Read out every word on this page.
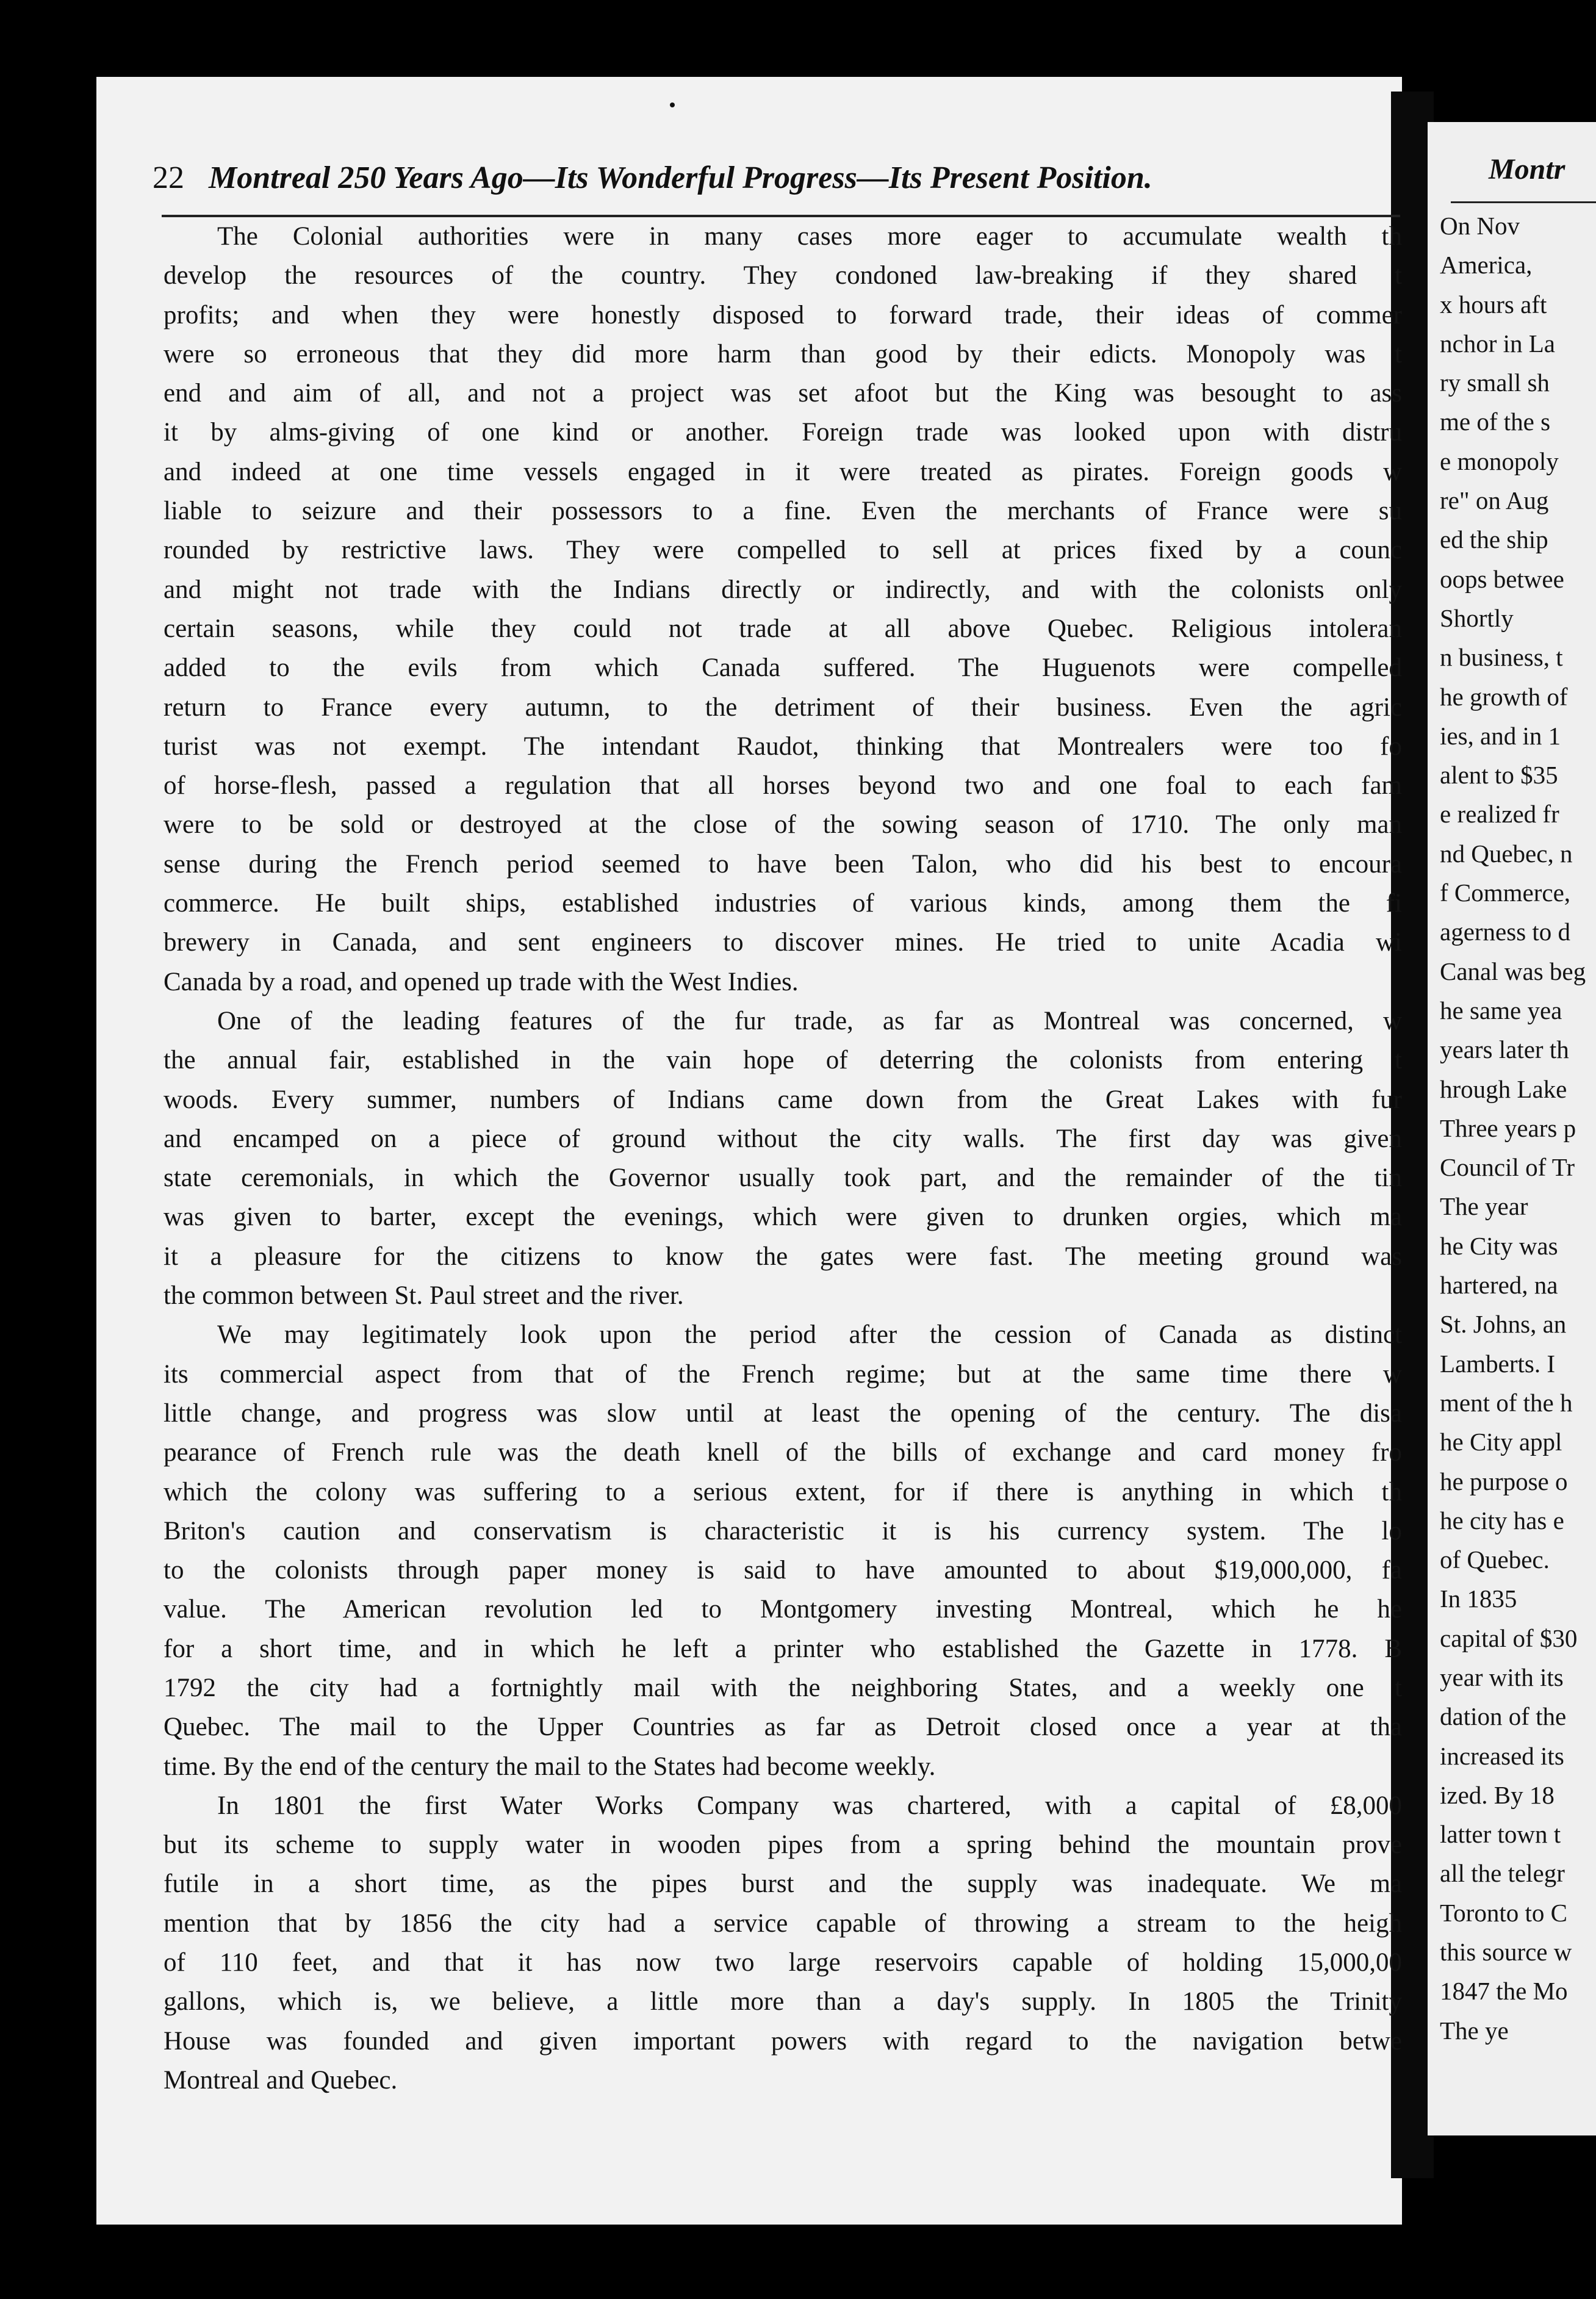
22 Montreal 250 Years Ago—Its Wonderful Progress—Its Present Position.

The Colonial authorities were in many cases more eager to accumulate wealth th
develop the resources of the country. They condoned law-breaking if they shared t
profits; and when they were honestly disposed to forward trade, their ideas of commer
were so erroneous that they did more harm than good by their edicts. Monopoly was t
end and aim of all, and not a project was set afoot but the King was besought to ass
it by alms-giving of one kind or another. Foreign trade was looked upon with distru
and indeed at one time vessels engaged in it were treated as pirates. Foreign goods w
liable to seizure and their possessors to a fine. Even the merchants of France were su
rounded by restrictive laws. They were compelled to sell at prices fixed by a counc
and might not trade with the Indians directly or indirectly, and with the colonists only
certain seasons, while they could not trade at all above Quebec. Religious intoleran
added to the evils from which Canada suffered. The Huguenots were compelled
return to France every autumn, to the detriment of their business. Even the agric
turist was not exempt. The intendant Raudot, thinking that Montrealers were too fo
of horse-flesh, passed a regulation that all horses beyond two and one foal to each fam
were to be sold or destroyed at the close of the sowing season of 1710. The only man
sense during the French period seemed to have been Talon, who did his best to encoura
commerce. He built ships, established industries of various kinds, among them the fi
brewery in Canada, and sent engineers to discover mines. He tried to unite Acadia wi
Canada by a road, and opened up trade with the West Indies.

One of the leading features of the fur trade, as far as Montreal was concerned, w
the annual fair, established in the vain hope of deterring the colonists from entering t
woods. Every summer, numbers of Indians came down from the Great Lakes with fur
and encamped on a piece of ground without the city walls. The first day was given
state ceremonials, in which the Governor usually took part, and the remainder of the tin
was given to barter, except the evenings, which were given to drunken orgies, which ma
it a pleasure for the citizens to know the gates were fast. The meeting ground was
the common between St. Paul street and the river.

We may legitimately look upon the period after the cession of Canada as distinct
its commercial aspect from that of the French regime; but at the same time there w
little change, and progress was slow until at least the opening of the century. The disa
pearance of French rule was the death knell of the bills of exchange and card money fro
which the colony was suffering to a serious extent, for if there is anything in which th
Briton's caution and conservatism is characteristic it is his currency system. The lo
to the colonists through paper money is said to have amounted to about $19,000,000, fa
value. The American revolution led to Montgomery investing Montreal, which he he
for a short time, and in which he left a printer who established the Gazette in 1778. B
1792 the city had a fortnightly mail with the neighboring States, and a weekly one t
Quebec. The mail to the Upper Countries as far as Detroit closed once a year at tha
time. By the end of the century the mail to the States had become weekly.

In 1801 the first Water Works Company was chartered, with a capital of £8,000
but its scheme to supply water in wooden pipes from a spring behind the mountain prove
futile in a short time, as the pipes burst and the supply was inadequate. We ma
mention that by 1856 the city had a service capable of throwing a stream to the heigh
of 110 feet, and that it has now two large reservoirs capable of holding 15,000,00
gallons, which is, we believe, a little more than a day's supply. In 1805 the Trinity
House was founded and given important powers with regard to the navigation betwe
Montreal and Quebec.

Montr
On Nov
America,
x hours aft
nchor in La
ry small sh
me of the s
e monopoly
re" on Aug
ed the ship
oops betwee
Shortly
n business, t
he growth of
ies, and in 1
alent to $35
e realized fr
nd Quebec, n
f Commerce,
agerness to d
Canal was beg
he same yea
years later th
hrough Lake
Three years p
Council of Tr
The year
he City was
hartered, na
St. Johns, an
Lamberts. I
ment of the h
he City appl
he purpose o
he city has e
of Quebec.
In 1835
capital of $30
year with its
dation of the
increased its
ized. By 18
latter town t
all the telegr
Toronto to C
this source w
1847 the Mo
The ye
